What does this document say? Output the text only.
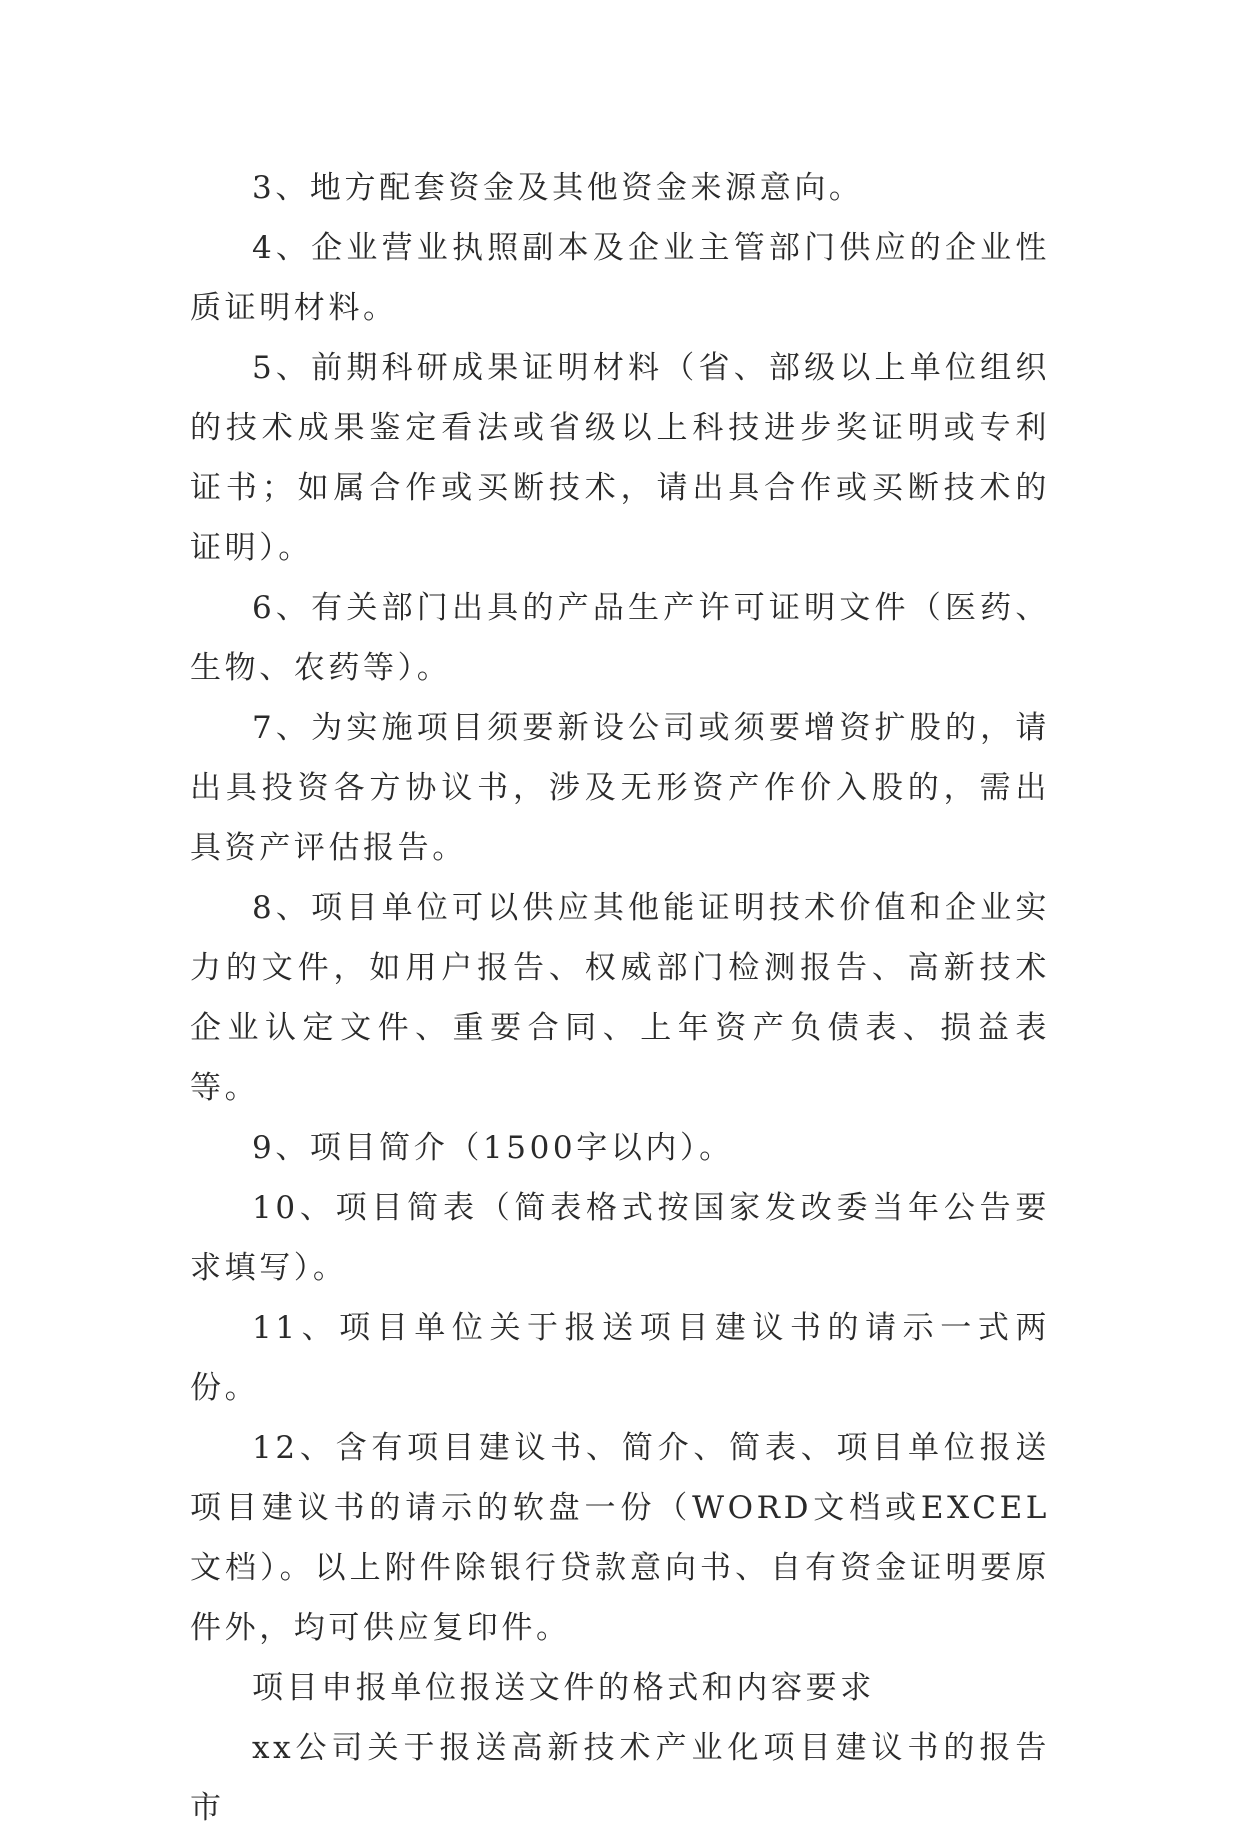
3、地方配套资金及其他资金来源意向。

4、企业营业执照副本及企业主管部门供应的企业性质证明材料。

5、前期科研成果证明材料（省、部级以上单位组织的技术成果鉴定看法或省级以上科技进步奖证明或专利证书；如属合作或买断技术，请出具合作或买断技术的证明）。

6、有关部门出具的产品生产许可证明文件（医药、生物、农药等）。

7、为实施项目须要新设公司或须要增资扩股的，请出具投资各方协议书，涉及无形资产作价入股的，需出具资产评估报告。

8、项目单位可以供应其他能证明技术价值和企业实力的文件，如用户报告、权威部门检测报告、高新技术企业认定文件、重要合同、上年资产负债表、损益表等。

9、项目简介（1500字以内）。

10、项目简表（简表格式按国家发改委当年公告要求填写）。

11、项目单位关于报送项目建议书的请示一式两份。

12、含有项目建议书、简介、简表、项目单位报送项目建议书的请示的软盘一份（WORD文档或EXCEL文档）。以上附件除银行贷款意向书、自有资金证明要原件外，均可供应复印件。

项目申报单位报送文件的格式和内容要求

xx公司关于报送高新技术产业化项目建议书的报告市
